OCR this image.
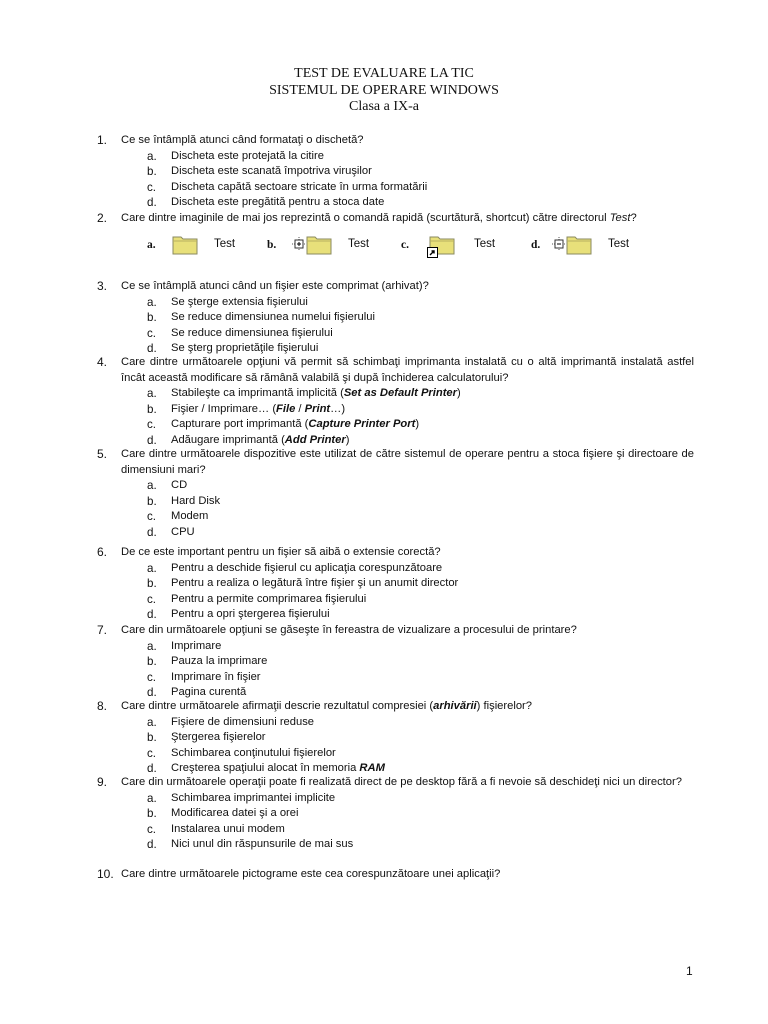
TEST DE EVALUARE LA TIC
SISTEMUL DE OPERARE WINDOWS
Clasa a IX-a
1. Ce se întâmplă atunci când formataţi o dischetă?
a. Discheta este protejată la citire
b. Discheta este scanată împotriva viruşilor
c. Discheta capătă sectoare stricate în urma formatării
d. Discheta este pregătită pentru a stoca date
2. Care dintre imaginile de mai jos reprezintă o comandă rapidă (scurtătură, shortcut) către directorul Test?
a.	Test	b.	Test	c.	Test	d.	Test
3. Ce se întâmplă atunci când un fişier este comprimat (arhivat)?
a. Se şterge extensia fişierului
b. Se reduce dimensiunea numelui fişierului
c. Se reduce dimensiunea fişierului
d. Se şterg proprietăţile fişierului
4. Care dintre următoarele opţiuni vă permit să schimbaţi imprimanta instalată cu o altă imprimantă instalată astfel încât această modificare să rămână valabilă şi după închiderea calculatorului?
a. Stabileşte ca imprimantă implicită (Set as Default Printer)
b. Fişier / Imprimare… (File / Print…)
c. Capturare port imprimantă (Capture Printer Port)
d. Adăugare imprimantă (Add Printer)
5. Care dintre următoarele dispozitive este utilizat de către sistemul de operare pentru a stoca fişiere şi directoare de dimensiuni mari?
a. CD
b. Hard Disk
c. Modem
d. CPU
6. De ce este important pentru un fişier să aibă o extensie corectă?
a. Pentru a deschide fişierul cu aplicaţia corespunzătoare
b. Pentru a realiza o legătură între fişier şi un anumit director
c. Pentru a permite comprimarea fişierului
d. Pentru a opri ştergerea fişierului
7. Care din următoarele opţiuni se găseşte în fereastra de vizualizare a procesului de printare?
a. Imprimare
b. Pauza la imprimare
c. Imprimare în fişier
d. Pagina curentă
8. Care dintre următoarele afirmaţii descrie rezultatul compresiei (arhivării) fişierelor?
a. Fişiere de dimensiuni reduse
b. Ştergerea fişierelor
c. Schimbarea conţinutului fişierelor
d. Creşterea spaţiului alocat în memoria RAM
9. Care din următoarele operaţii poate fi realizată direct de pe desktop fără a fi nevoie să deschideţi nici un director?
a. Schimbarea imprimantei implicite
b. Modificarea datei şi a orei
c. Instalarea unui modem
d. Nici unul din răspunsurile de mai sus
10. Care dintre următoarele pictograme este cea corespunzătoare unei aplicaţii?
1
